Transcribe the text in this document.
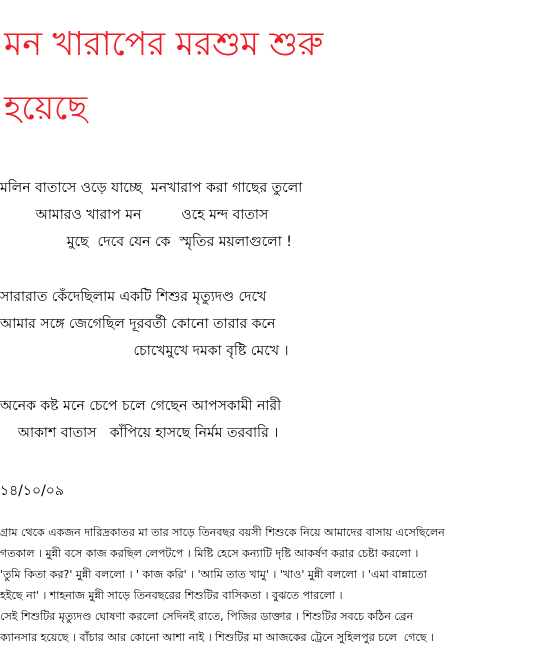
মন খারাপের মরশুম শুরু
হয়েছে
মলিন বাতাসে ওড়ে যাচ্ছে  মনখারাপ করা গাছের তুলো
আমারও খারাপ মন         ওহে মন্দ বাতাস
মুছে  দেবে যেন কে  স্মৃতির ময়লাগুলো !
সারারাত কেঁদেছিলাম একটি শিশুর মৃত্যুদণ্ড দেখে
আমার সঙ্গে জেগেছিল দূরবর্তী কোনো তারার কনে
চোখেমুখে দমকা বৃষ্টি মেখে ।
অনেক কষ্ট মনে চেপে চলে গেছেন আপসকামী নারী
আকাশ বাতাস   কাঁপিয়ে হাসছে নির্মম তরবারি ।
১৪/১০/০৯
গ্রাম থেকে একজন দারিদ্রকাতর মা তার সাড়ে তিনবছর বয়সী শিশুকে নিয়ে আমাদের বাসায় এসেছিলেন
গতকাল । মুন্নী বসে কাজ করছিল লেপটপে । মিষ্টি হেসে কন্যাটি দৃষ্টি আকর্ষণ করার চেষ্টা করলো ।
'তুমি কিতা কর?' মুন্নী বললো । ' কাজ করি' । 'আমি তাত খামু' । 'খাও' মুন্নী বললো । 'এমা বান্নাতো
হইছে না' । শাহনাজ মুন্নী সাড়ে তিনবছরের শিশুটির বাসিকতা । বুঝতে পারলো ।
সেই শিশুটির মৃত্যুদণ্ড ঘোষণা করলো সেদিনই রাতে, পিজির ডাক্তার । শিশুটির সবচে কঠিন ব্রেন
ক্যানসার হয়েছে । বাঁচার আর কোনো আশা নাই । শিশুটির মা আজকের ট্রেনে সুহিলপুর চলে  গেছে ।
